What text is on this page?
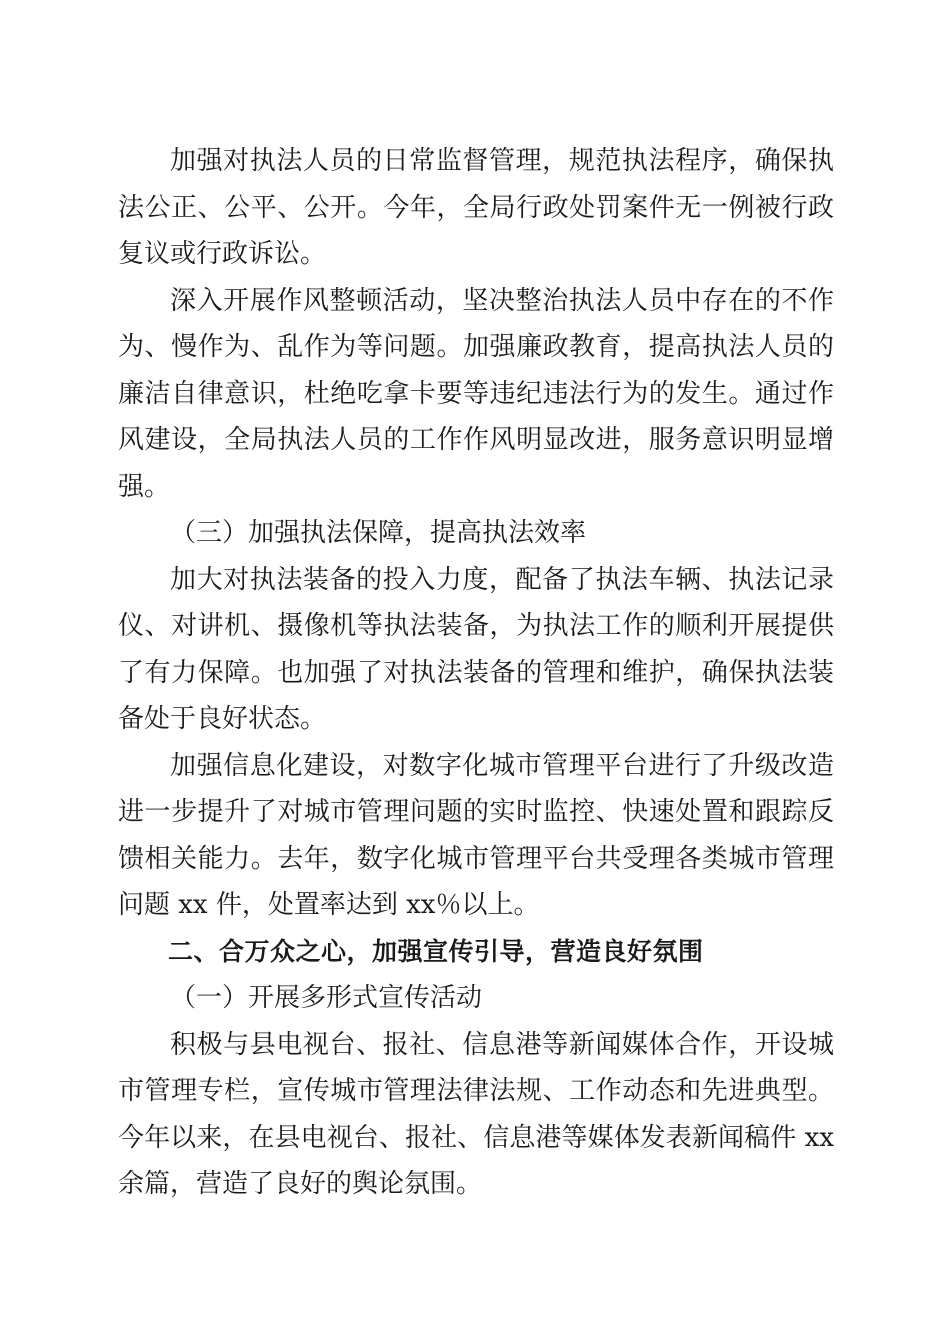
加强对执法人员的日常监督管理，规范执法程序，确保执法公正、公平、公开。今年，全局行政处罚案件无一例被行政复议或行政诉讼。

深入开展作风整顿活动，坚决整治执法人员中存在的不作为、慢作为、乱作为等问题。加强廉政教育，提高执法人员的廉洁自律意识，杜绝吃拿卡要等违纪违法行为的发生。通过作风建设，全局执法人员的工作作风明显改进，服务意识明显增强。

（三）加强执法保障，提高执法效率

加大对执法装备的投入力度，配备了执法车辆、执法记录仪、对讲机、摄像机等执法装备，为执法工作的顺利开展提供了有力保障。也加强了对执法装备的管理和维护，确保执法装备处于良好状态。

加强信息化建设，对数字化城市管理平台进行了升级改造进一步提升了对城市管理问题的实时监控、快速处置和跟踪反馈相关能力。去年，数字化城市管理平台共受理各类城市管理问题 xx 件，处置率达到 xx％以上。

二、合万众之心，加强宣传引导，营造良好氛围

（一）开展多形式宣传活动

积极与县电视台、报社、信息港等新闻媒体合作，开设城市管理专栏，宣传城市管理法律法规、工作动态和先进典型。今年以来，在县电视台、报社、信息港等媒体发表新闻稿件 xx 余篇，营造了良好的舆论氛围。
